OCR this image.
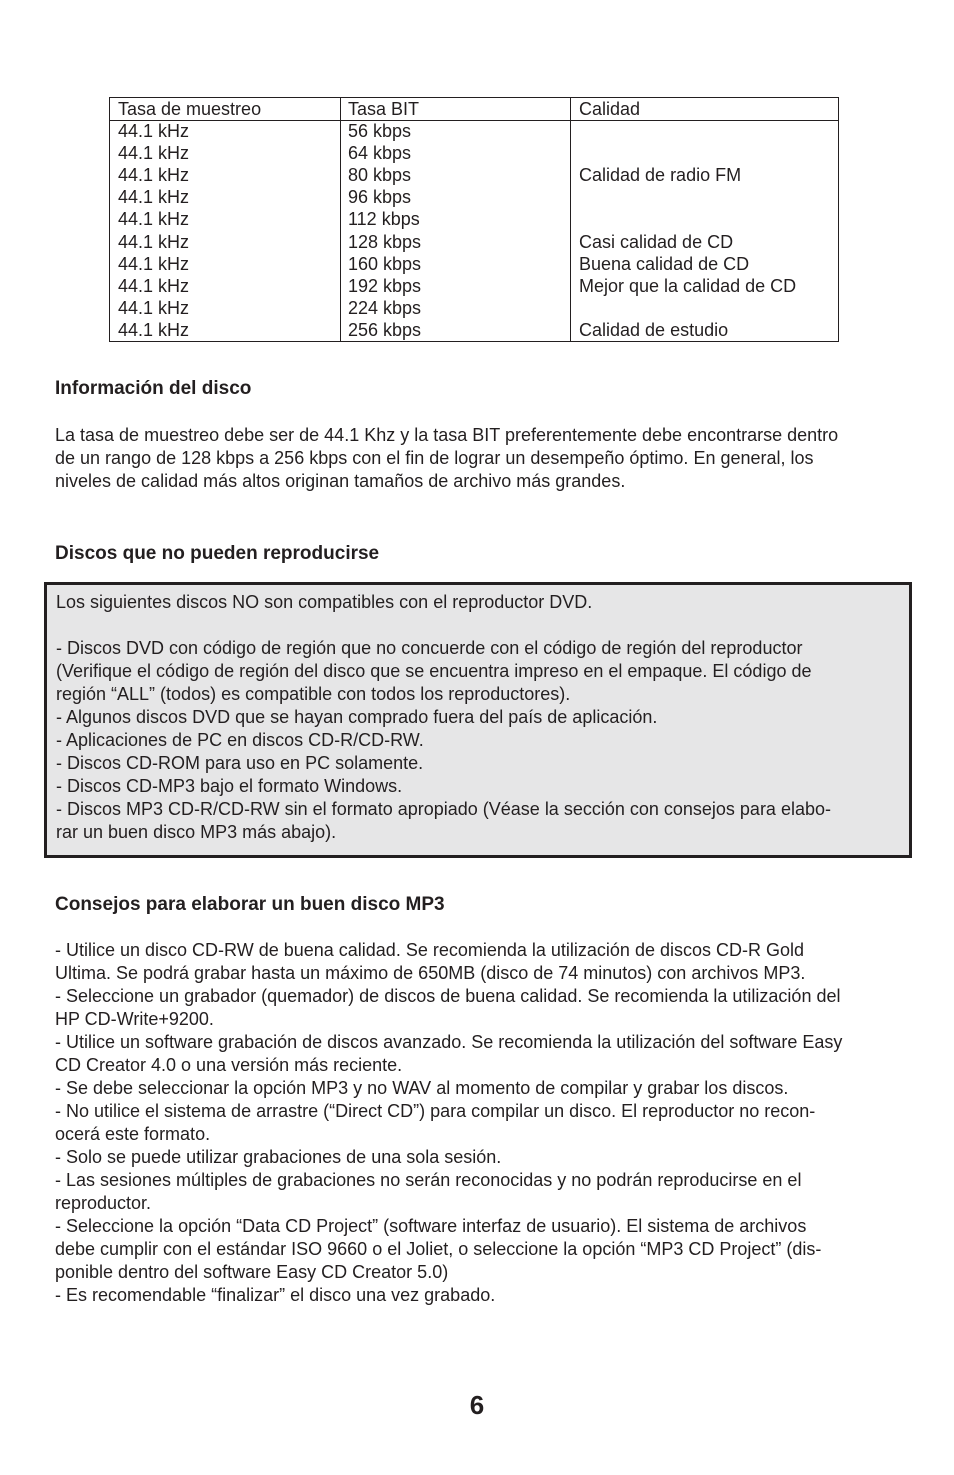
Tasa de muestreo	Tasa BIT	Calidad
44.1 kHz	56 kbps
44.1 kHz	64 kbps
44.1 kHz	80 kbps	Calidad de radio FM
44.1 kHz	96 kbps
44.1 kHz	112 kbps
44.1 kHz	128 kbps	Casi calidad de CD
44.1 kHz	160 kbps	Buena calidad de CD
44.1 kHz	192 kbps	Mejor que la calidad de CD
44.1 kHz	224 kbps
44.1 kHz	256 kbps	Calidad de estudio
Información del disco
La tasa de muestreo debe ser de 44.1 Khz y la tasa BIT preferentemente debe encontrarse dentro
de un rango de 128 kbps a 256 kbps con el fin de lograr un desempeño óptimo. En general, los
niveles de calidad más altos originan tamaños de archivo más grandes.
Discos que no pueden reproducirse
Los siguientes discos NO son compatibles con el reproductor DVD.
- Discos DVD con código de región que no concuerde con el código de región del reproductor
(Verifique el código de región del disco que se encuentra impreso en el empaque. El código de
región “ALL” (todos) es compatible con todos los reproductores).
- Algunos discos DVD que se hayan comprado fuera del país de aplicación.
- Aplicaciones de PC en discos CD-R/CD-RW.
- Discos CD-ROM para uso en PC solamente.
- Discos CD-MP3 bajo el formato Windows.
- Discos MP3 CD-R/CD-RW sin el formato apropiado (Véase la sección con consejos para elabo-
rar un buen disco MP3 más abajo).
Consejos para elaborar un buen disco MP3
- Utilice un disco CD-RW de buena calidad. Se recomienda la utilización de discos CD-R Gold
Ultima. Se podrá grabar hasta un máximo de 650MB (disco de 74 minutos) con archivos MP3.
- Seleccione un grabador (quemador) de discos de buena calidad. Se recomienda la utilización del
HP CD-Write+9200.
- Utilice un software grabación de discos avanzado. Se recomienda la utilización del software Easy
CD Creator 4.0 o una versión más reciente.
- Se debe seleccionar la opción MP3 y no WAV al momento de compilar y grabar los discos.
- No utilice el sistema de arrastre (“Direct CD”) para compilar un disco. El reproductor no recon-
ocerá este formato.
- Solo se puede utilizar grabaciones de una sola sesión.
- Las sesiones múltiples de grabaciones no serán reconocidas y no podrán reproducirse en el
reproductor.
- Seleccione la opción “Data CD Project” (software interfaz de usuario). El sistema de archivos
debe cumplir con el estándar ISO 9660 o el Joliet, o seleccione la opción “MP3 CD Project” (dis-
ponible dentro del software Easy CD Creator 5.0)
- Es recomendable “finalizar” el disco una vez grabado.
6
